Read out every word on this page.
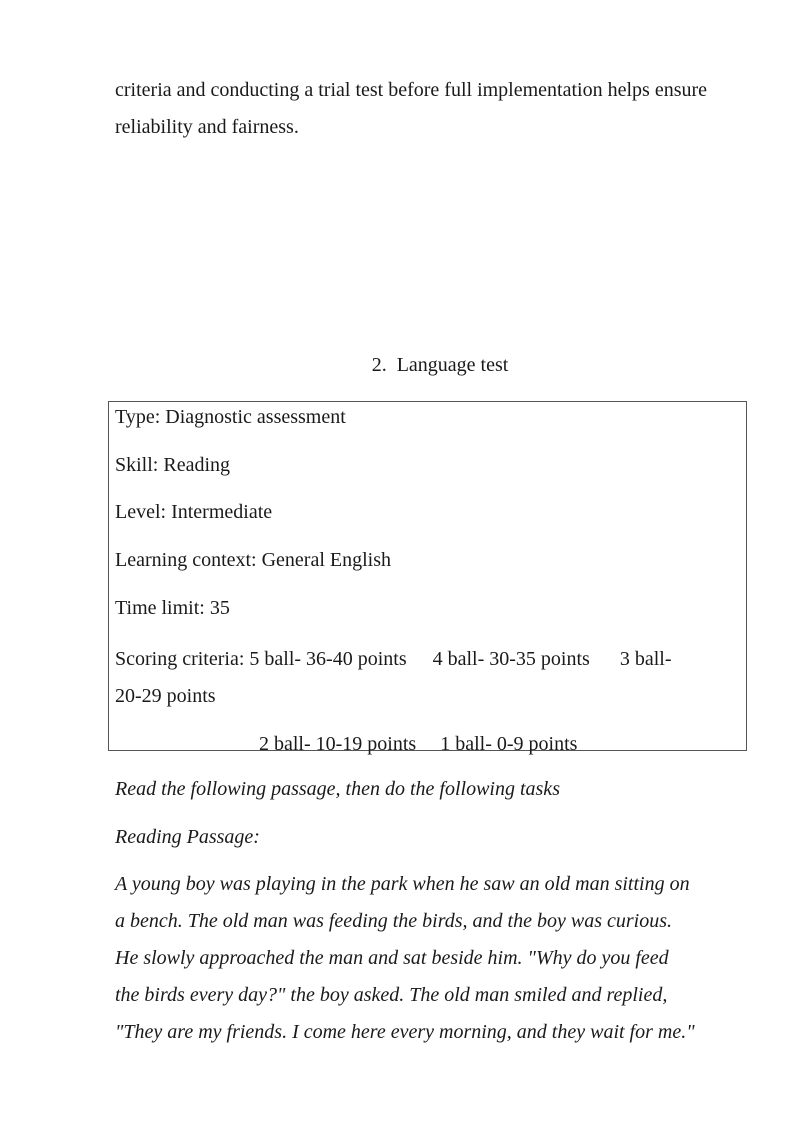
criteria and conducting a trial test before full implementation helps ensure
reliability and fairness.

2. Language test

Type: Diagnostic assessment

Skill: Reading

Level: Intermediate

Learning context: General English

Time limit: 35

Scoring criteria: 5 ball- 36-40 points 4 ball- 30-35 points 3 ball-
20-29 points
2 ball- 10-19 points 1 ball- 0-9 points

Read the following passage, then do the following tasks

Reading Passage:

A young boy was playing in the park when he saw an old man sitting on
a bench. The old man was feeding the birds, and the boy was curious.
He slowly approached the man and sat beside him. "Why do you feed
the birds every day?" the boy asked. The old man smiled and replied,
"They are my friends. I come here every morning, and they wait for me."
